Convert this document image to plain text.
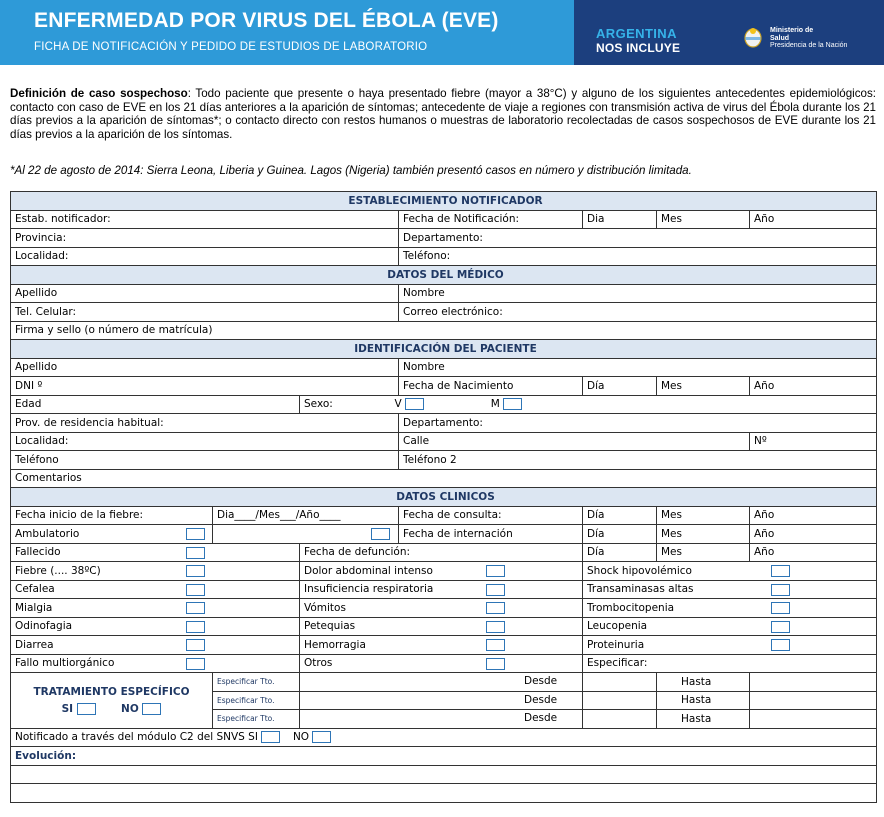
ENFERMEDAD POR VIRUS DEL ÉBOLA (EVE)
FICHA DE NOTIFICACIÓN Y PEDIDO DE ESTUDIOS DE LABORATORIO
ARGENTINA
NOS INCLUYE
Ministerio de
Salud
Presidencia de la Nación
Definición de caso sospechoso: Todo paciente que presente o haya presentado fiebre (mayor a 38°C) y alguno de los siguientes antecedentes epidemiológicos: contacto con caso de EVE en los 21 días anteriores a la aparición de síntomas; antecedente de viaje a regiones con transmisión activa de virus del Ébola durante los 21 días previos a la aparición de síntomas*; o contacto directo con restos humanos o muestras de laboratorio recolectadas de casos sospechosos de EVE durante los 21 días previos a la aparición de los síntomas.
*Al 22 de agosto de 2014: Sierra Leona, Liberia y Guinea. Lagos (Nigeria) también presentó casos en número y distribución limitada.
ESTABLECIMIENTO NOTIFICADOR						
Estab. notificador:			Fecha de Notificación:	Dia	Mes	Año
Provincia:			Departamento:			
Localidad:			Teléfono:			
DATOS DEL MÉDICO						
Apellido			Nombre			
Tel. Celular:			Correo electrónico:			
Firma y sello (o número de matrícula)						
IDENTIFICACIÓN DEL PACIENTE						
Apellido			Nombre			
DNI º			Fecha de Nacimiento	Día	Mes	Año
Edad		Sexo: V M				
Prov. de residencia habitual:			Departamento:			
Localidad:			Calle			Nº
Teléfono			Teléfono 2			
Comentarios						
DATOS CLINICOS						
Fecha inicio de la fiebre:	Dia____/Mes___/Año____		Fecha de consulta:	Día	Mes	Año
Ambulatorio			Fecha de internación	Día	Mes	Año
Fallecido		Fecha de defunción:		Día	Mes	Año
Fiebre (.... 38ºC)		Dolor abdominal intenso		Shock hipovolémico		

Cefalea		Insuficiencia respiratoria		Transaminasas altas		

Mialgia		Vómitos		Trombocitopenia		

Odinofagia		Petequias		Leucopenia		

Diarrea		Hemorragia		Proteinuria		

Fallo multiorgánico		Otros		Especificar:		

TRATAMIENTO ESPECÍFICO
SI NO	Especificar Tto.	Desde			Hasta	
	Especificar Tto.	Desde			Hasta	
	Especificar Tto.	Desde			Hasta	
Notificado a través del módulo C2 del SNVS SI NO						
Evolución:						
